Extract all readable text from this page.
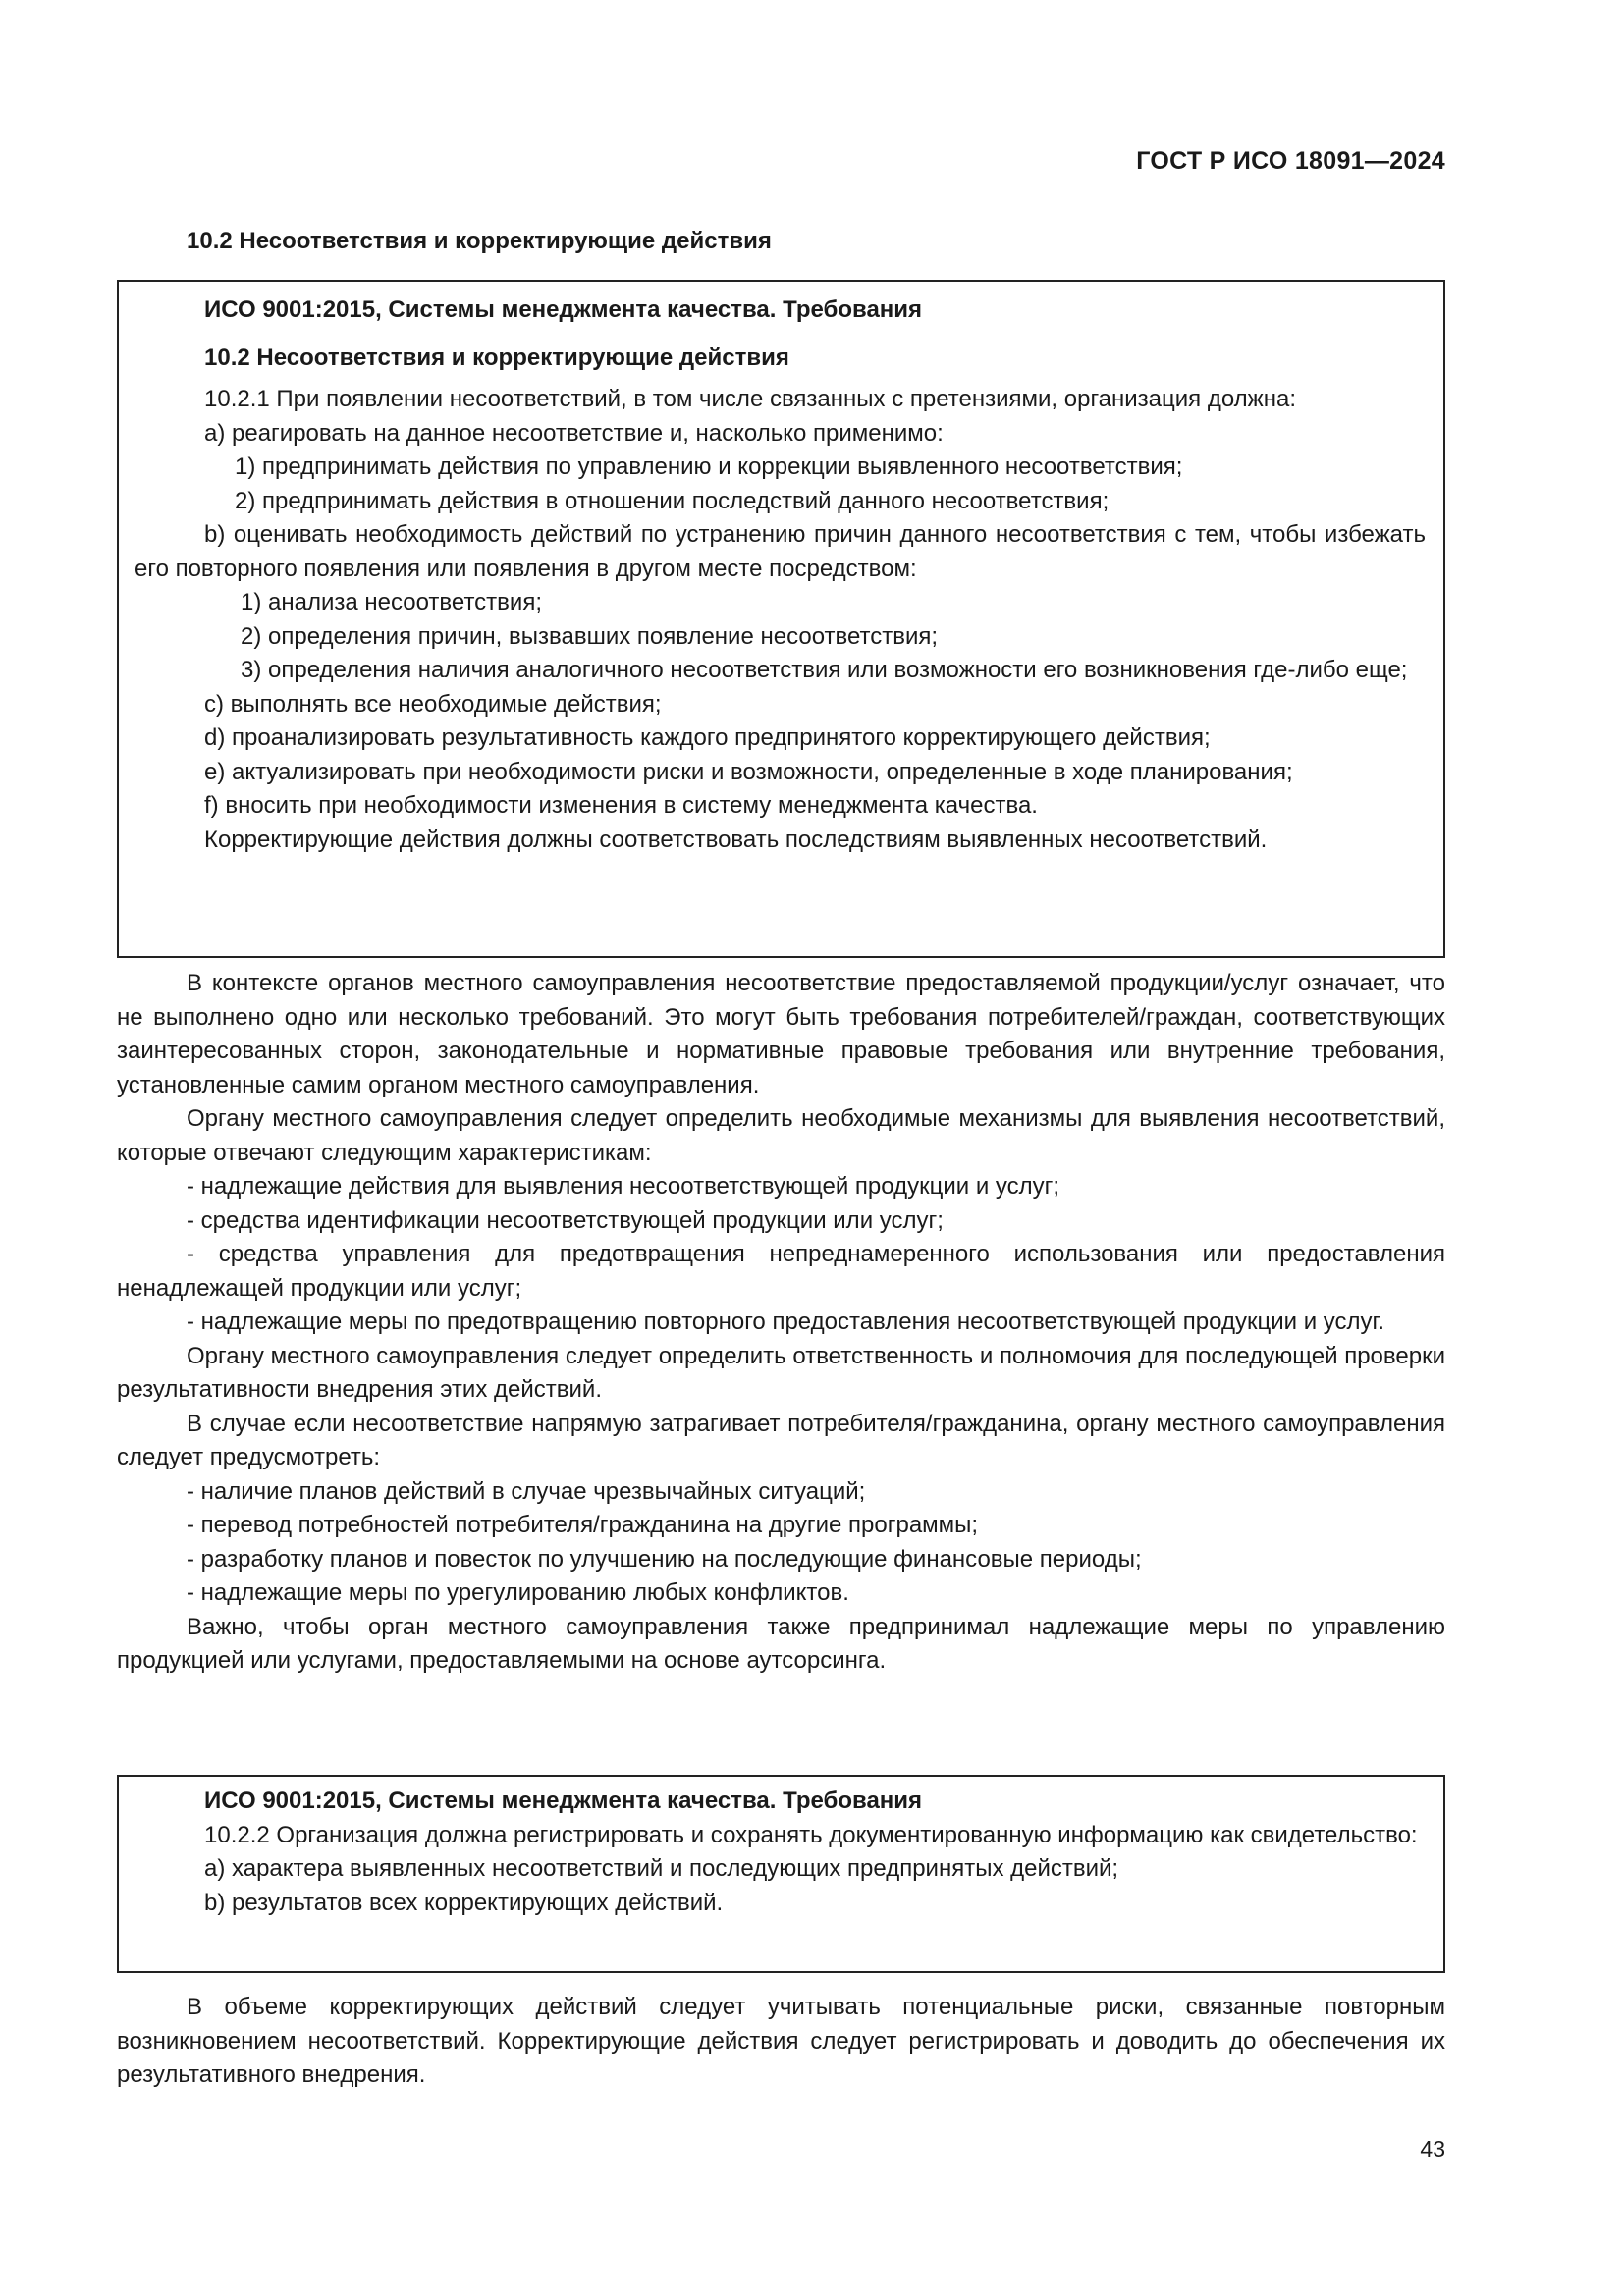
ГОСТ Р ИСО 18091—2024
10.2 Несоответствия и корректирующие действия

ИСО 9001:2015, Системы менеджмента качества. Требования

10.2 Несоответствия и корректирующие действия

10.2.1 При появлении несоответствий, в том числе связанных с претензиями, организация должна:

а) реагировать на данное несоответствие и, насколько применимо:

1) предпринимать действия по управлению и коррекции выявленного несоответствия;

2) предпринимать действия в отношении последствий данного несоответствия;

b) оценивать необходимость действий по устранению причин данного несоответствия с тем, чтобы избежать его повторного появления или появления в другом месте посредством:

1) анализа несоответствия;

2) определения причин, вызвавших появление несоответствия;

3) определения наличия аналогичного несоответствия или возможности его возникновения где-либо еще;

c) выполнять все необходимые действия;

d) проанализировать результативность каждого предпринятого корректирующего действия;

e) актуализировать при необходимости риски и возможности, определенные в ходе планирования;

f) вносить при необходимости изменения в систему менеджмента качества.

Корректирующие действия должны соответствовать последствиям выявленных несоответствий.

В контексте органов местного самоуправления несоответствие предоставляемой продукции/услуг означает, что не выполнено одно или несколько требований. Это могут быть требования потребителей/граждан, соответствующих заинтересованных сторон, законодательные и нормативные правовые требования или внутренние требования, установленные самим органом местного самоуправления.

Органу местного самоуправления следует определить необходимые механизмы для выявления несоответствий, которые отвечают следующим характеристикам:

- надлежащие действия для выявления несоответствующей продукции и услуг;

- средства идентификации несоответствующей продукции или услуг;

- средства управления для предотвращения непреднамеренного использования или предоставления ненадлежащей продукции или услуг;

- надлежащие меры по предотвращению повторного предоставления несоответствующей продукции и услуг.

Органу местного самоуправления следует определить ответственность и полномочия для последующей проверки результативности внедрения этих действий.

В случае если несоответствие напрямую затрагивает потребителя/гражданина, органу местного самоуправления следует предусмотреть:

- наличие планов действий в случае чрезвычайных ситуаций;

- перевод потребностей потребителя/гражданина на другие программы;

- разработку планов и повесток по улучшению на последующие финансовые периоды;

- надлежащие меры по урегулированию любых конфликтов.

Важно, чтобы орган местного самоуправления также предпринимал надлежащие меры по управлению продукцией или услугами, предоставляемыми на основе аутсорсинга.

ИСО 9001:2015, Системы менеджмента качества. Требования

10.2.2 Организация должна регистрировать и сохранять документированную информацию как свидетельство:

a) характера выявленных несоответствий и последующих предпринятых действий;

b) результатов всех корректирующих действий.

В объеме корректирующих действий следует учитывать потенциальные риски, связанные повторным возникновением несоответствий. Корректирующие действия следует регистрировать и доводить до обеспечения их результативного внедрения.

43
